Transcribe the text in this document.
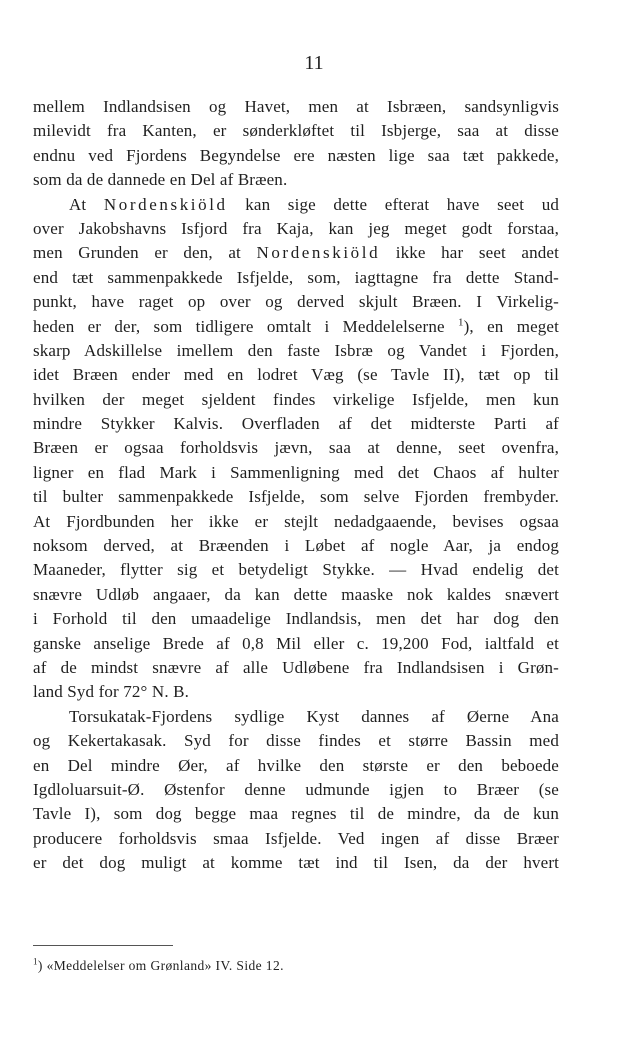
11
mellem Indlandsisen og Havet, men at Isbræen, sandsynligvis
milevidt fra Kanten, er sønderkløftet til Isbjerge, saa at disse
endnu ved Fjordens Begyndelse ere næsten lige saa tæt pakkede,
som da de dannede en Del af Bræen.
At Nordenskiöld kan sige dette efterat have seet ud
over Jakobshavns Isfjord fra Kaja, kan jeg meget godt forstaa,
men Grunden er den, at Nordenskiöld ikke har seet andet
end tæt sammenpakkede Isfjelde, som, iagttagne fra dette Stand-
punkt, have raget op over og derved skjult Bræen. I Virkelig-
heden er der, som tidligere omtalt i Meddelelserne $^1$), en meget
skarp Adskillelse imellem den faste Isbræ og Vandet i Fjorden,
idet Bræen ender med en lodret Væg (se Tavle II), tæt op til
hvilken der meget sjeldent findes virkelige Isfjelde, men kun
mindre Stykker Kalvis. Overfladen af det midterste Parti af
Bræen er ogsaa forholdsvis jævn, saa at denne, seet ovenfra,
ligner en flad Mark i Sammenligning med det Chaos af hulter
til bulter sammenpakkede Isfjelde, som selve Fjorden frembyder.
At Fjordbunden her ikke er stejlt nedadgaaende, bevises ogsaa
noksom derved, at Bræenden i Løbet af nogle Aar, ja endog
Maaneder, flytter sig et betydeligt Stykke. — Hvad endelig det
snævre Udløb angaaer, da kan dette maaske nok kaldes snævert
i Forhold til den umaadelige Indlandsis, men det har dog den
ganske anselige Brede af 0,8 Mil eller c. 19,200 Fod, ialtfald et
af de mindst snævre af alle Udløbene fra Indlandsisen i Grøn-
land Syd for 72° N. B.
Torsukatak-Fjordens sydlige Kyst dannes af Øerne Ana
og Kekertakasak. Syd for disse findes et større Bassin med
en Del mindre Øer, af hvilke den største er den beboede
Igdloluarsuit-Ø. Østenfor denne udmunde igjen to Bræer (se
Tavle I), som dog begge maa regnes til de mindre, da de kun
producere forholdsvis smaa Isfjelde. Ved ingen af disse Bræer
er det dog muligt at komme tæt ind til Isen, da der hvert
$^1$) «Meddelelser om Grønland» IV. Side 12.
